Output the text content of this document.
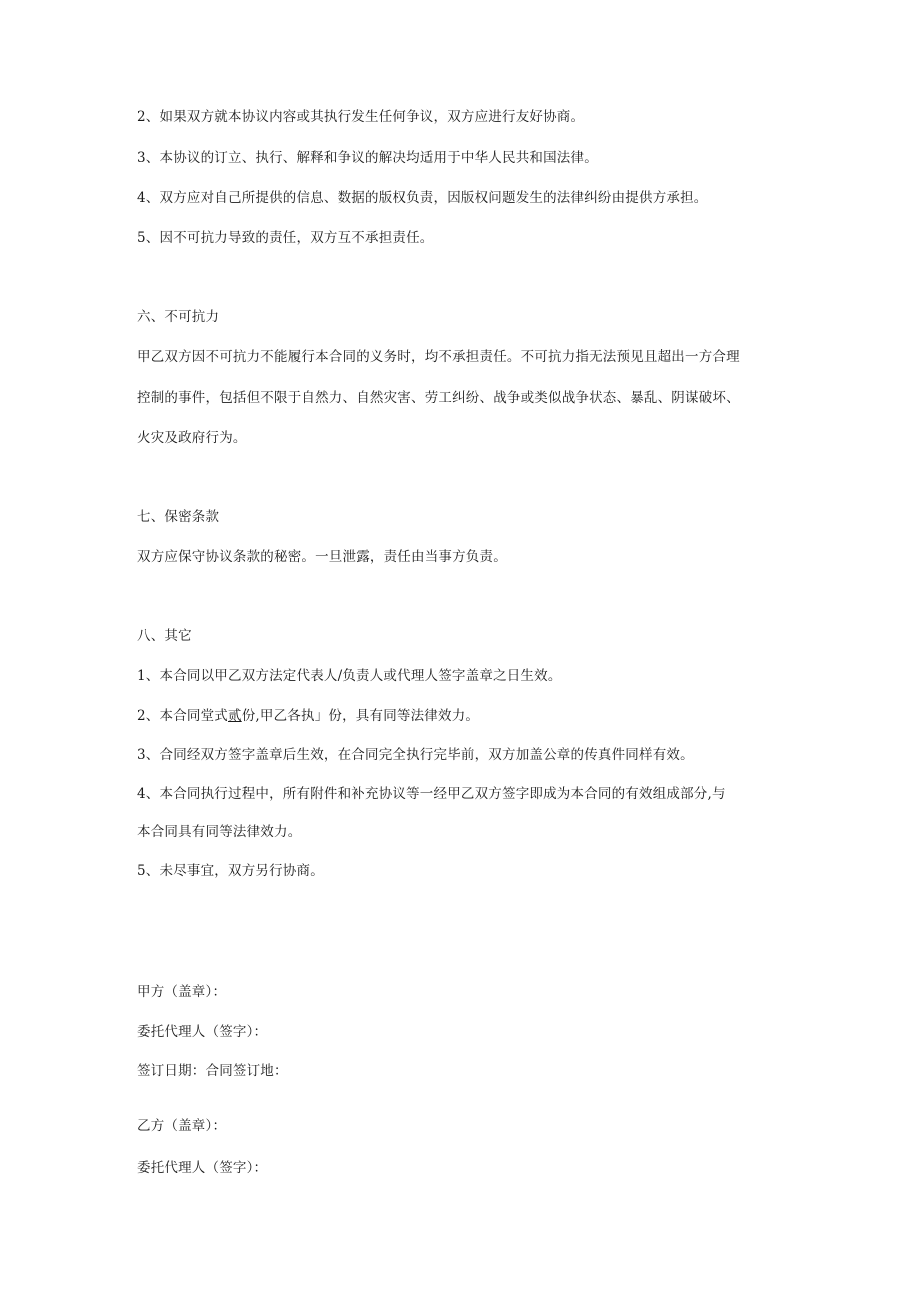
2、如果双方就本协议内容或其执行发生任何争议，双方应进行友好协商。
3、本协议的订立、执行、解释和争议的解决均适用于中华人民共和国法律。
4、双方应对自己所提供的信息、数据的版权负责，因版权问题发生的法律纠纷由提供方承担。
5、因不可抗力导致的责任，双方互不承担责任。
六、不可抗力
甲乙双方因不可抗力不能履行本合同的义务时，均不承担责任。不可抗力指无法预见且超出一方合理
控制的事件，包括但不限于自然力、自然灾害、劳工纠纷、战争或类似战争状态、暴乱、阴谋破坏、
火灾及政府行为。
七、保密条款
双方应保守协议条款的秘密。一旦泄露，责任由当事方负责。
八、其它
1、本合同以甲乙双方法定代表人/负责人或代理人签字盖章之日生效。
2、本合同堂式贰份,甲乙各执」份，具有同等法律效力。
3、合同经双方签字盖章后生效，在合同完全执行完毕前，双方加盖公章的传真件同样有效。
4、本合同执行过程中，所有附件和补充协议等一经甲乙双方签字即成为本合同的有效组成部分,与
本合同具有同等法律效力。
5、未尽事宜，双方另行协商。
甲方（盖章）：
委托代理人（签字）：
签订日期：合同签订地：
乙方（盖章）：
委托代理人（签字）：
